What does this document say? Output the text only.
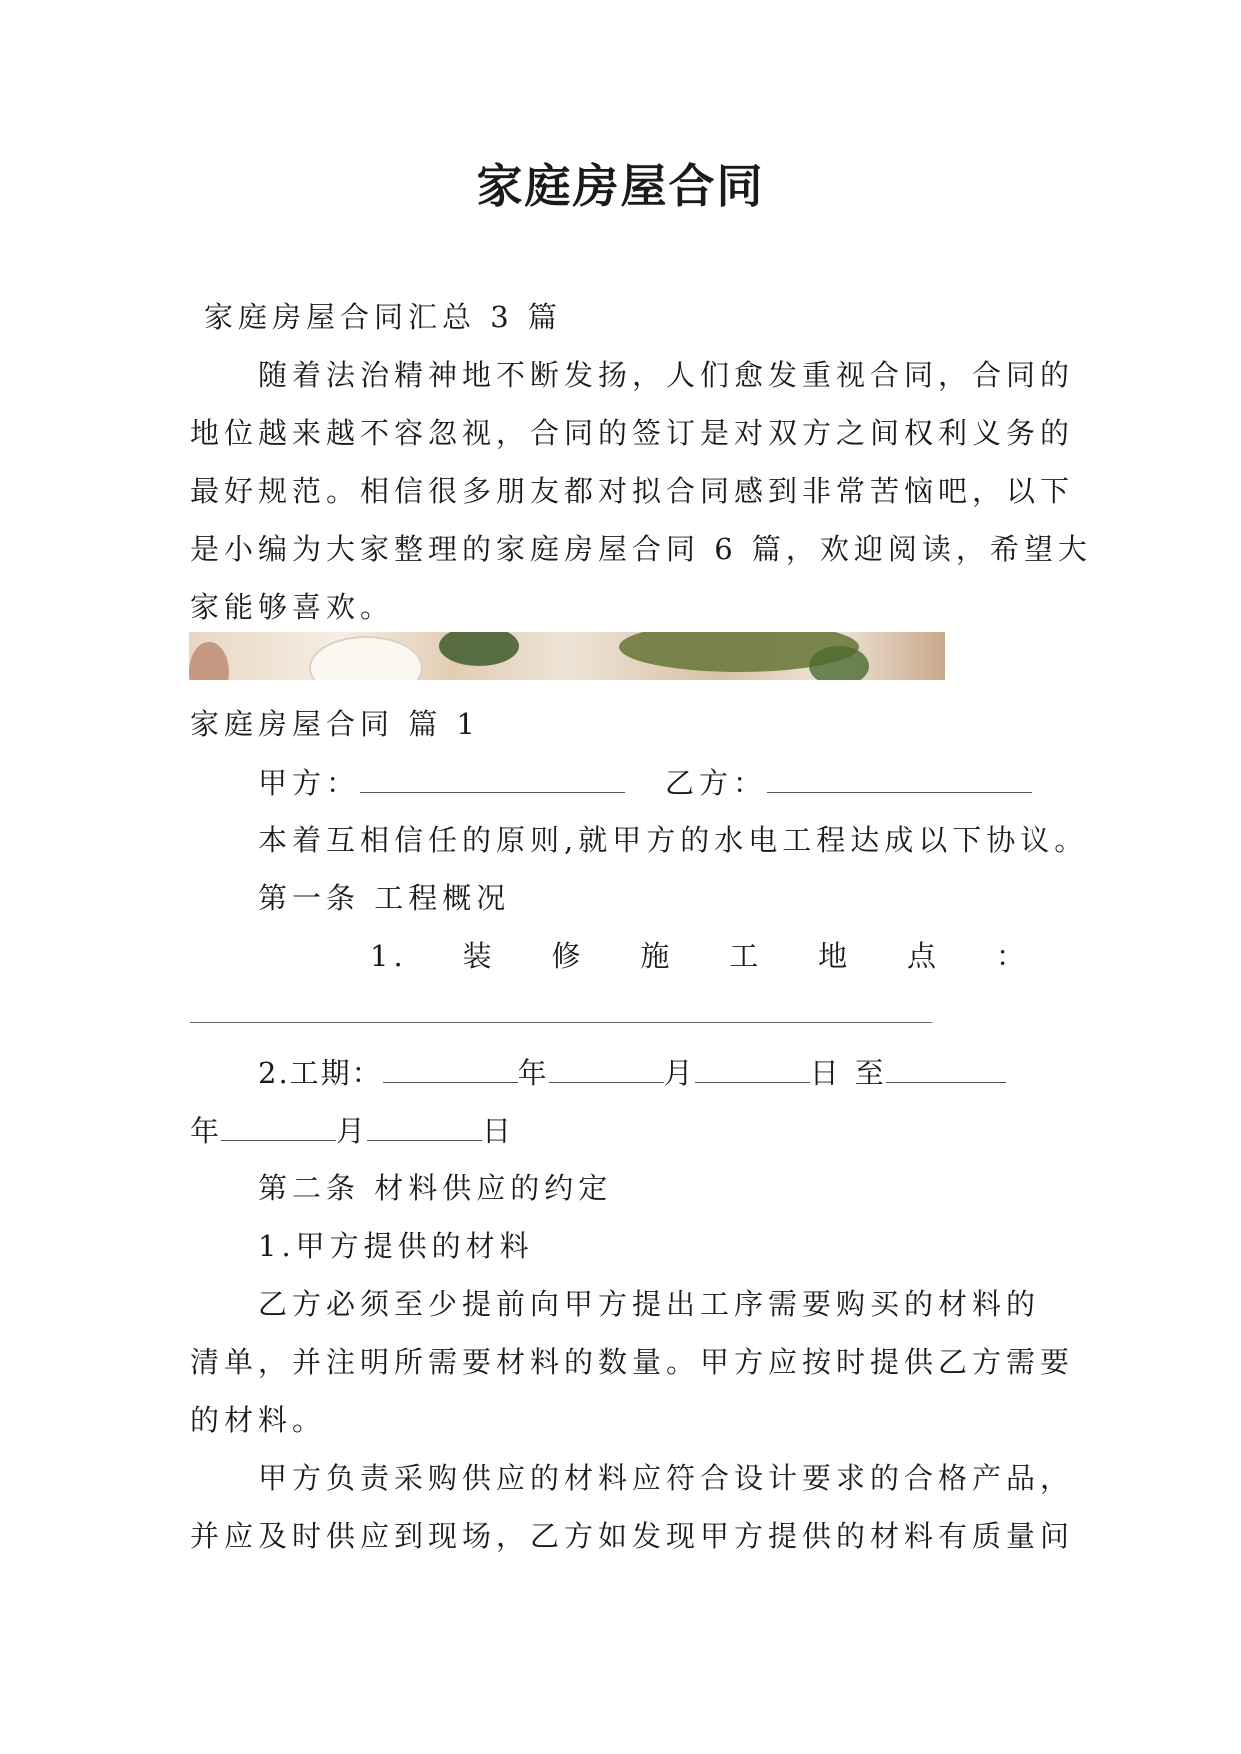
家庭房屋合同
家庭房屋合同汇总 3 篇
随着法治精神地不断发扬，人们愈发重视合同，合同的
地位越来越不容忽视，合同的签订是对双方之间权利义务的
最好规范。相信很多朋友都对拟合同感到非常苦恼吧，以下
是小编为大家整理的家庭房屋合同 6 篇，欢迎阅读，希望大
家能够喜欢。
家庭房屋合同 篇 1
甲方：	乙方：
本着互相信任的原则,就甲方的水电工程达成以下协议。
第一条 工程概况
1. 装 修 施 工 地 点 ：
2.工期：	年	月	日 至
年	月	日
第二条 材料供应的约定
1.甲方提供的材料
乙方必须至少提前向甲方提出工序需要购买的材料的
清单，并注明所需要材料的数量。甲方应按时提供乙方需要
的材料。
甲方负责采购供应的材料应符合设计要求的合格产品，
并应及时供应到现场，乙方如发现甲方提供的材料有质量问
